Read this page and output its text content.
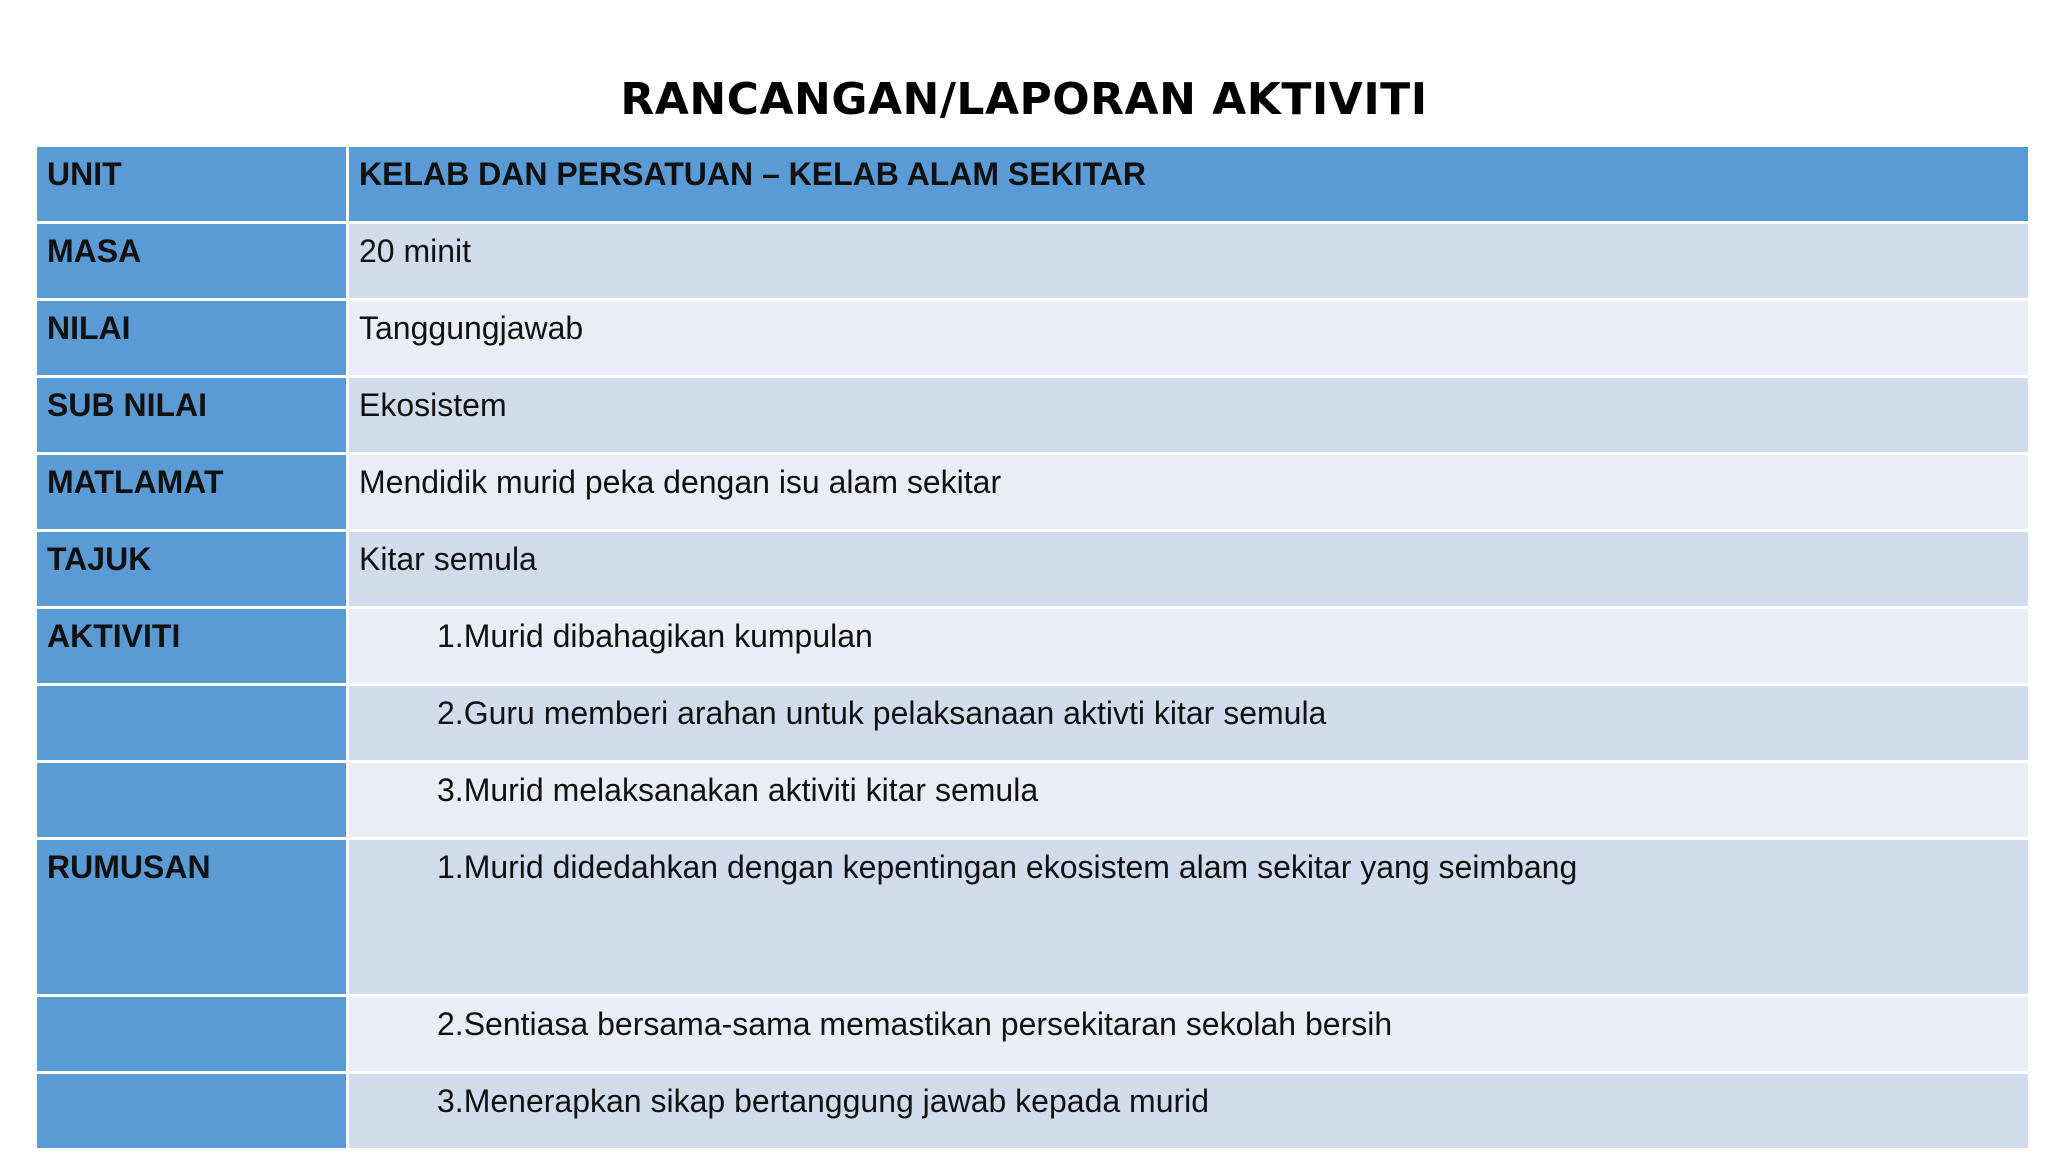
RANCANGAN/LAPORAN AKTIVITI
UNIT	KELAB DAN PERSATUAN – KELAB ALAM SEKITAR
MASA	20 minit
NILAI	Tanggungjawab
SUB NILAI	Ekosistem
MATLAMAT	Mendidik murid peka dengan isu alam sekitar
TAJUK	Kitar semula
AKTIVITI	1.Murid dibahagikan kumpulan
	2.Guru memberi arahan untuk pelaksanaan aktivti kitar semula
	3.Murid melaksanakan aktiviti kitar semula
RUMUSAN	1.Murid didedahkan dengan kepentingan ekosistem alam sekitar yang seimbang
	2.Sentiasa bersama-sama memastikan persekitaran sekolah bersih
	3.Menerapkan sikap bertanggung jawab kepada murid
